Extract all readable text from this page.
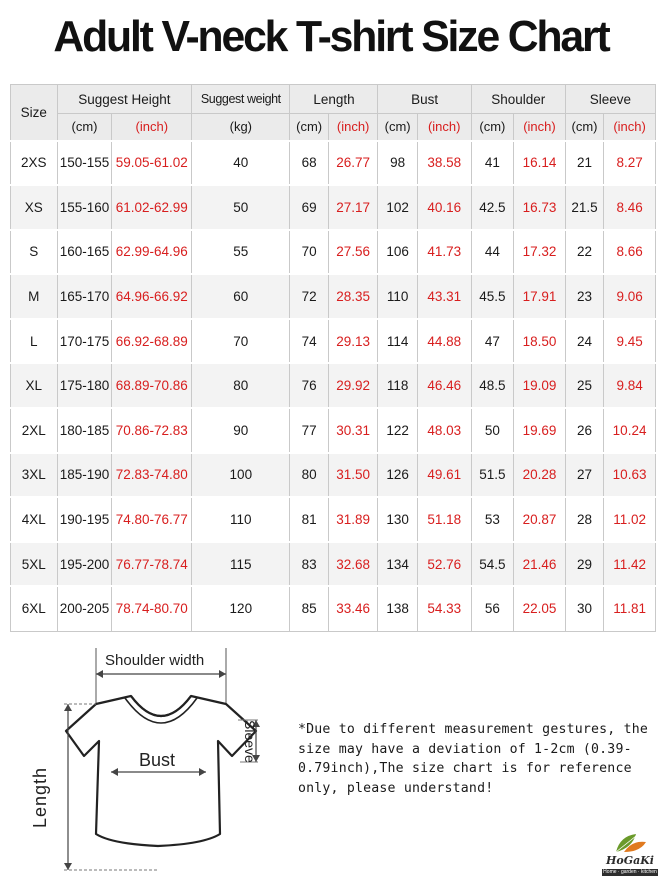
Adult V-neck T-shirt Size Chart
Size	Suggest Height		Suggest weight	Length		Bust		Shoulder		Sleeve	
	(cm)	(inch)	(kg)	(cm)	(inch)	(cm)	(inch)	(cm)	(inch)	(cm)	(inch)
2XS	150-155	59.05-61.02	40	68	26.77	98	38.58	41	16.14	21	8.27
XS	155-160	61.02-62.99	50	69	27.17	102	40.16	42.5	16.73	21.5	8.46
S	160-165	62.99-64.96	55	70	27.56	106	41.73	44	17.32	22	8.66
M	165-170	64.96-66.92	60	72	28.35	110	43.31	45.5	17.91	23	9.06
L	170-175	66.92-68.89	70	74	29.13	114	44.88	47	18.50	24	9.45
XL	175-180	68.89-70.86	80	76	29.92	118	46.46	48.5	19.09	25	9.84
2XL	180-185	70.86-72.83	90	77	30.31	122	48.03	50	19.69	26	10.24
3XL	185-190	72.83-74.80	100	80	31.50	126	49.61	51.5	20.28	27	10.63
4XL	190-195	74.80-76.77	110	81	31.89	130	51.18	53	20.87	28	11.02
5XL	195-200	76.77-78.74	115	83	32.68	134	52.76	54.5	21.46	29	11.42
6XL	200-205	78.74-80.70	120	85	33.46	138	54.33	56	22.05	30	11.81
Shoulder width
Bust	Sleeve
Length
*Due to different measurement gestures, the size may have a deviation of 1-2cm (0.39-0.79inch),The size chart is for reference only, please understand!
HoGaKi
Home · garden · kitchen
